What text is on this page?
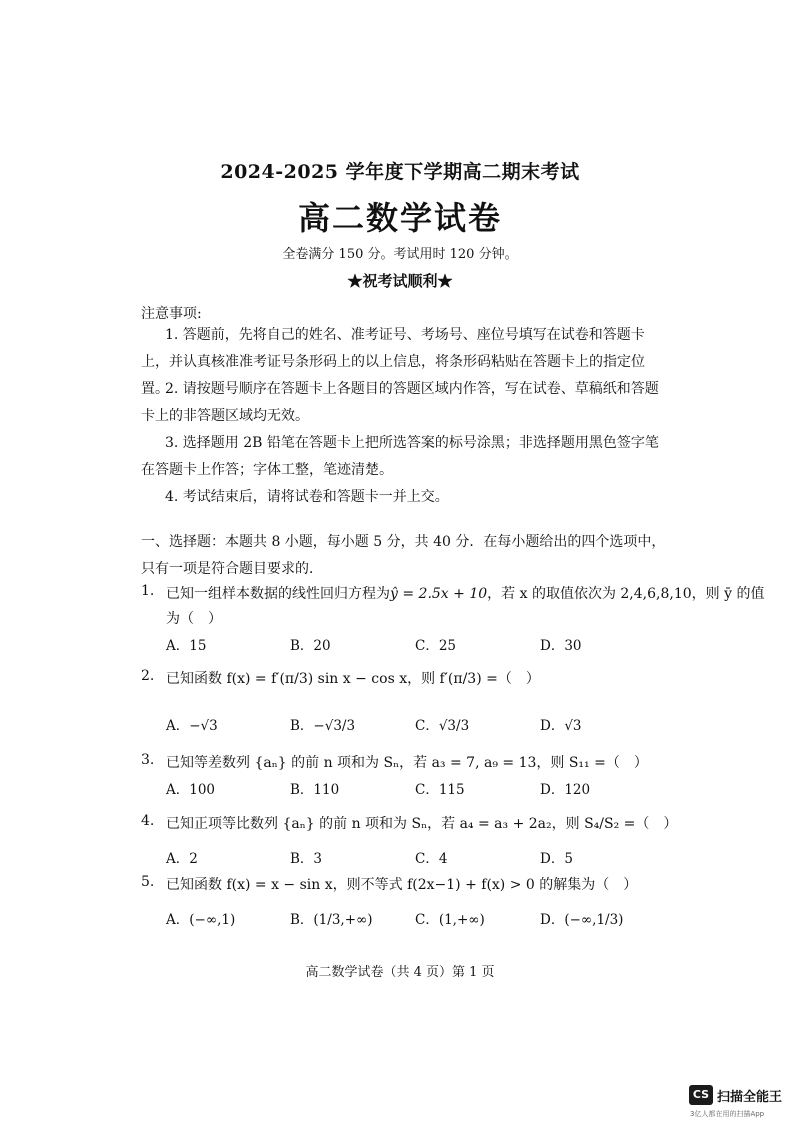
2024-2025 学年度下学期高二期末考试
高二数学试卷
全卷满分 150 分。考试用时 120 分钟。
★祝考试顺利★
注意事项:
1. 答题前，先将自己的姓名、准考证号、考场号、座位号填写在试卷和答题卡上，并认真核准准考证号条形码上的以上信息，将条形码粘贴在答题卡上的指定位置。
2. 请按题号顺序在答题卡上各题目的答题区域内作答，写在试卷、草稿纸和答题卡上的非答题区域均无效。
3. 选择题用 2B 铅笔在答题卡上把所选答案的标号涂黑；非选择题用黑色签字笔在答题卡上作答；字体工整，笔迹清楚。
4. 考试结束后，请将试卷和答题卡一并上交。
一、选择题：本题共 8 小题，每小题 5 分，共 40 分．在每小题给出的四个选项中，只有一项是符合题目要求的．
1. 已知一组样本数据的线性回归方程为ŷ = 2.5x + 10，若 x 的取值依次为 2,4,6,8,10，则 ȳ 的值
为（　）
A．15	B．20	C．25	D．30
2. 已知函数 f(x) = f′(π/3) sin x − cos x，则 f′(π/3) =（　）
A．−√3	B．−√3/3	C．√3/3	D．√3
3. 已知等差数列 {aₙ} 的前 n 项和为 Sₙ，若 a₃ = 7, a₉ = 13，则 S₁₁ =（　）
A．100	B．110	C．115	D．120
4. 已知正项等比数列 {aₙ} 的前 n 项和为 Sₙ，若 a₄ = a₃ + 2a₂，则 S₄/S₂ =（　）
A．2	B．3	C．4	D．5
5. 已知函数 f(x) = x − sin x，则不等式 f(2x−1) + f(x) > 0 的解集为（　）
A．(−∞,1)	B．(1/3,+∞)	C．(1,+∞)	D．(−∞,1/3)
高二数学试卷（共 4 页）第 1 页
CS 扫描全能王
3亿人都在用的扫描App
